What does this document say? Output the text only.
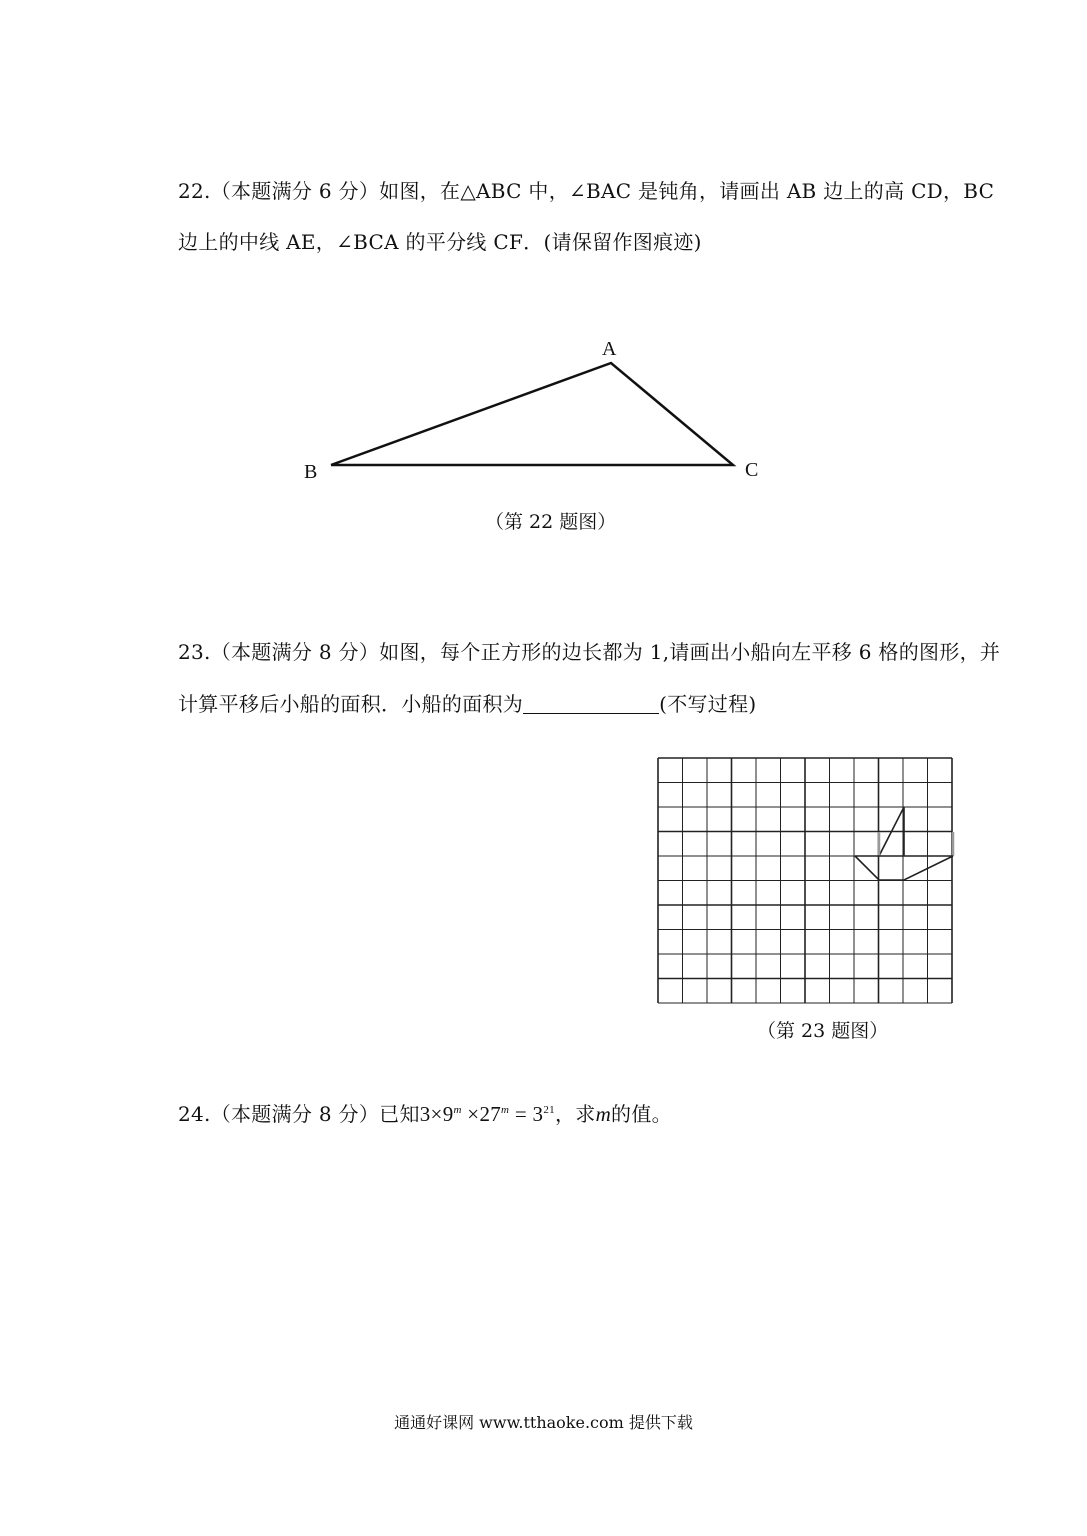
22.（本题满分 6 分）如图，在△ABC 中，∠BAC 是钝角，请画出 AB 边上的高 CD，BC
边上的中线 AE，∠BCA 的平分线 CF．(请保留作图痕迹)
A
B	C
（第 22 题图）
23.（本题满分 8 分）如图，每个正方形的边长都为 1,请画出小船向左平移 6 格的图形，并
计算平移后小船的面积．小船的面积为	(不写过程)
（第 23 题图）
24.（本题满分 8 分）已知$3\times 9^m \times 27^m = 3^{21}$，求m的值。
通通好课网 www.tthaoke.com 提供下载
